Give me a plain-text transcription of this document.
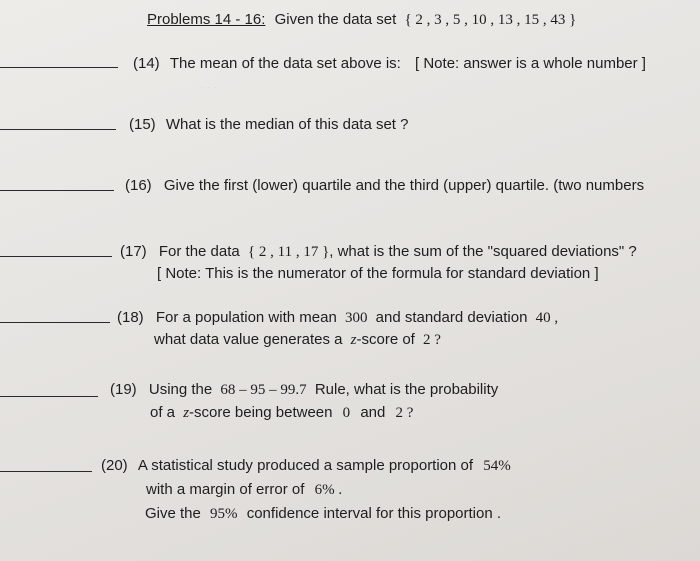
Problems 14 - 16: Given the data set { 2 , 3 , 5 , 10 , 13 , 15 , 43 }
· · ·
(14) The mean of the data set above is: [ Note: answer is a whole number ]
(15) What is the median of this data set ?
(16) Give the first (lower) quartile and the third (upper) quartile. (two numbers
(17) For the data { 2 , 11 , 17 }, what is the sum of the "squared deviations" ?
[ Note: This is the numerator of the formula for standard deviation ]
(18) For a population with mean 300 and standard deviation 40 ,
what data value generates a z-score of 2 ?
(19) Using the 68 – 95 – 99.7 Rule, what is the probability
of a z-score being between 0 and 2 ?
(20) A statistical study produced a sample proportion of 54%
with a margin of error of 6% .
Give the 95% confidence interval for this proportion .
